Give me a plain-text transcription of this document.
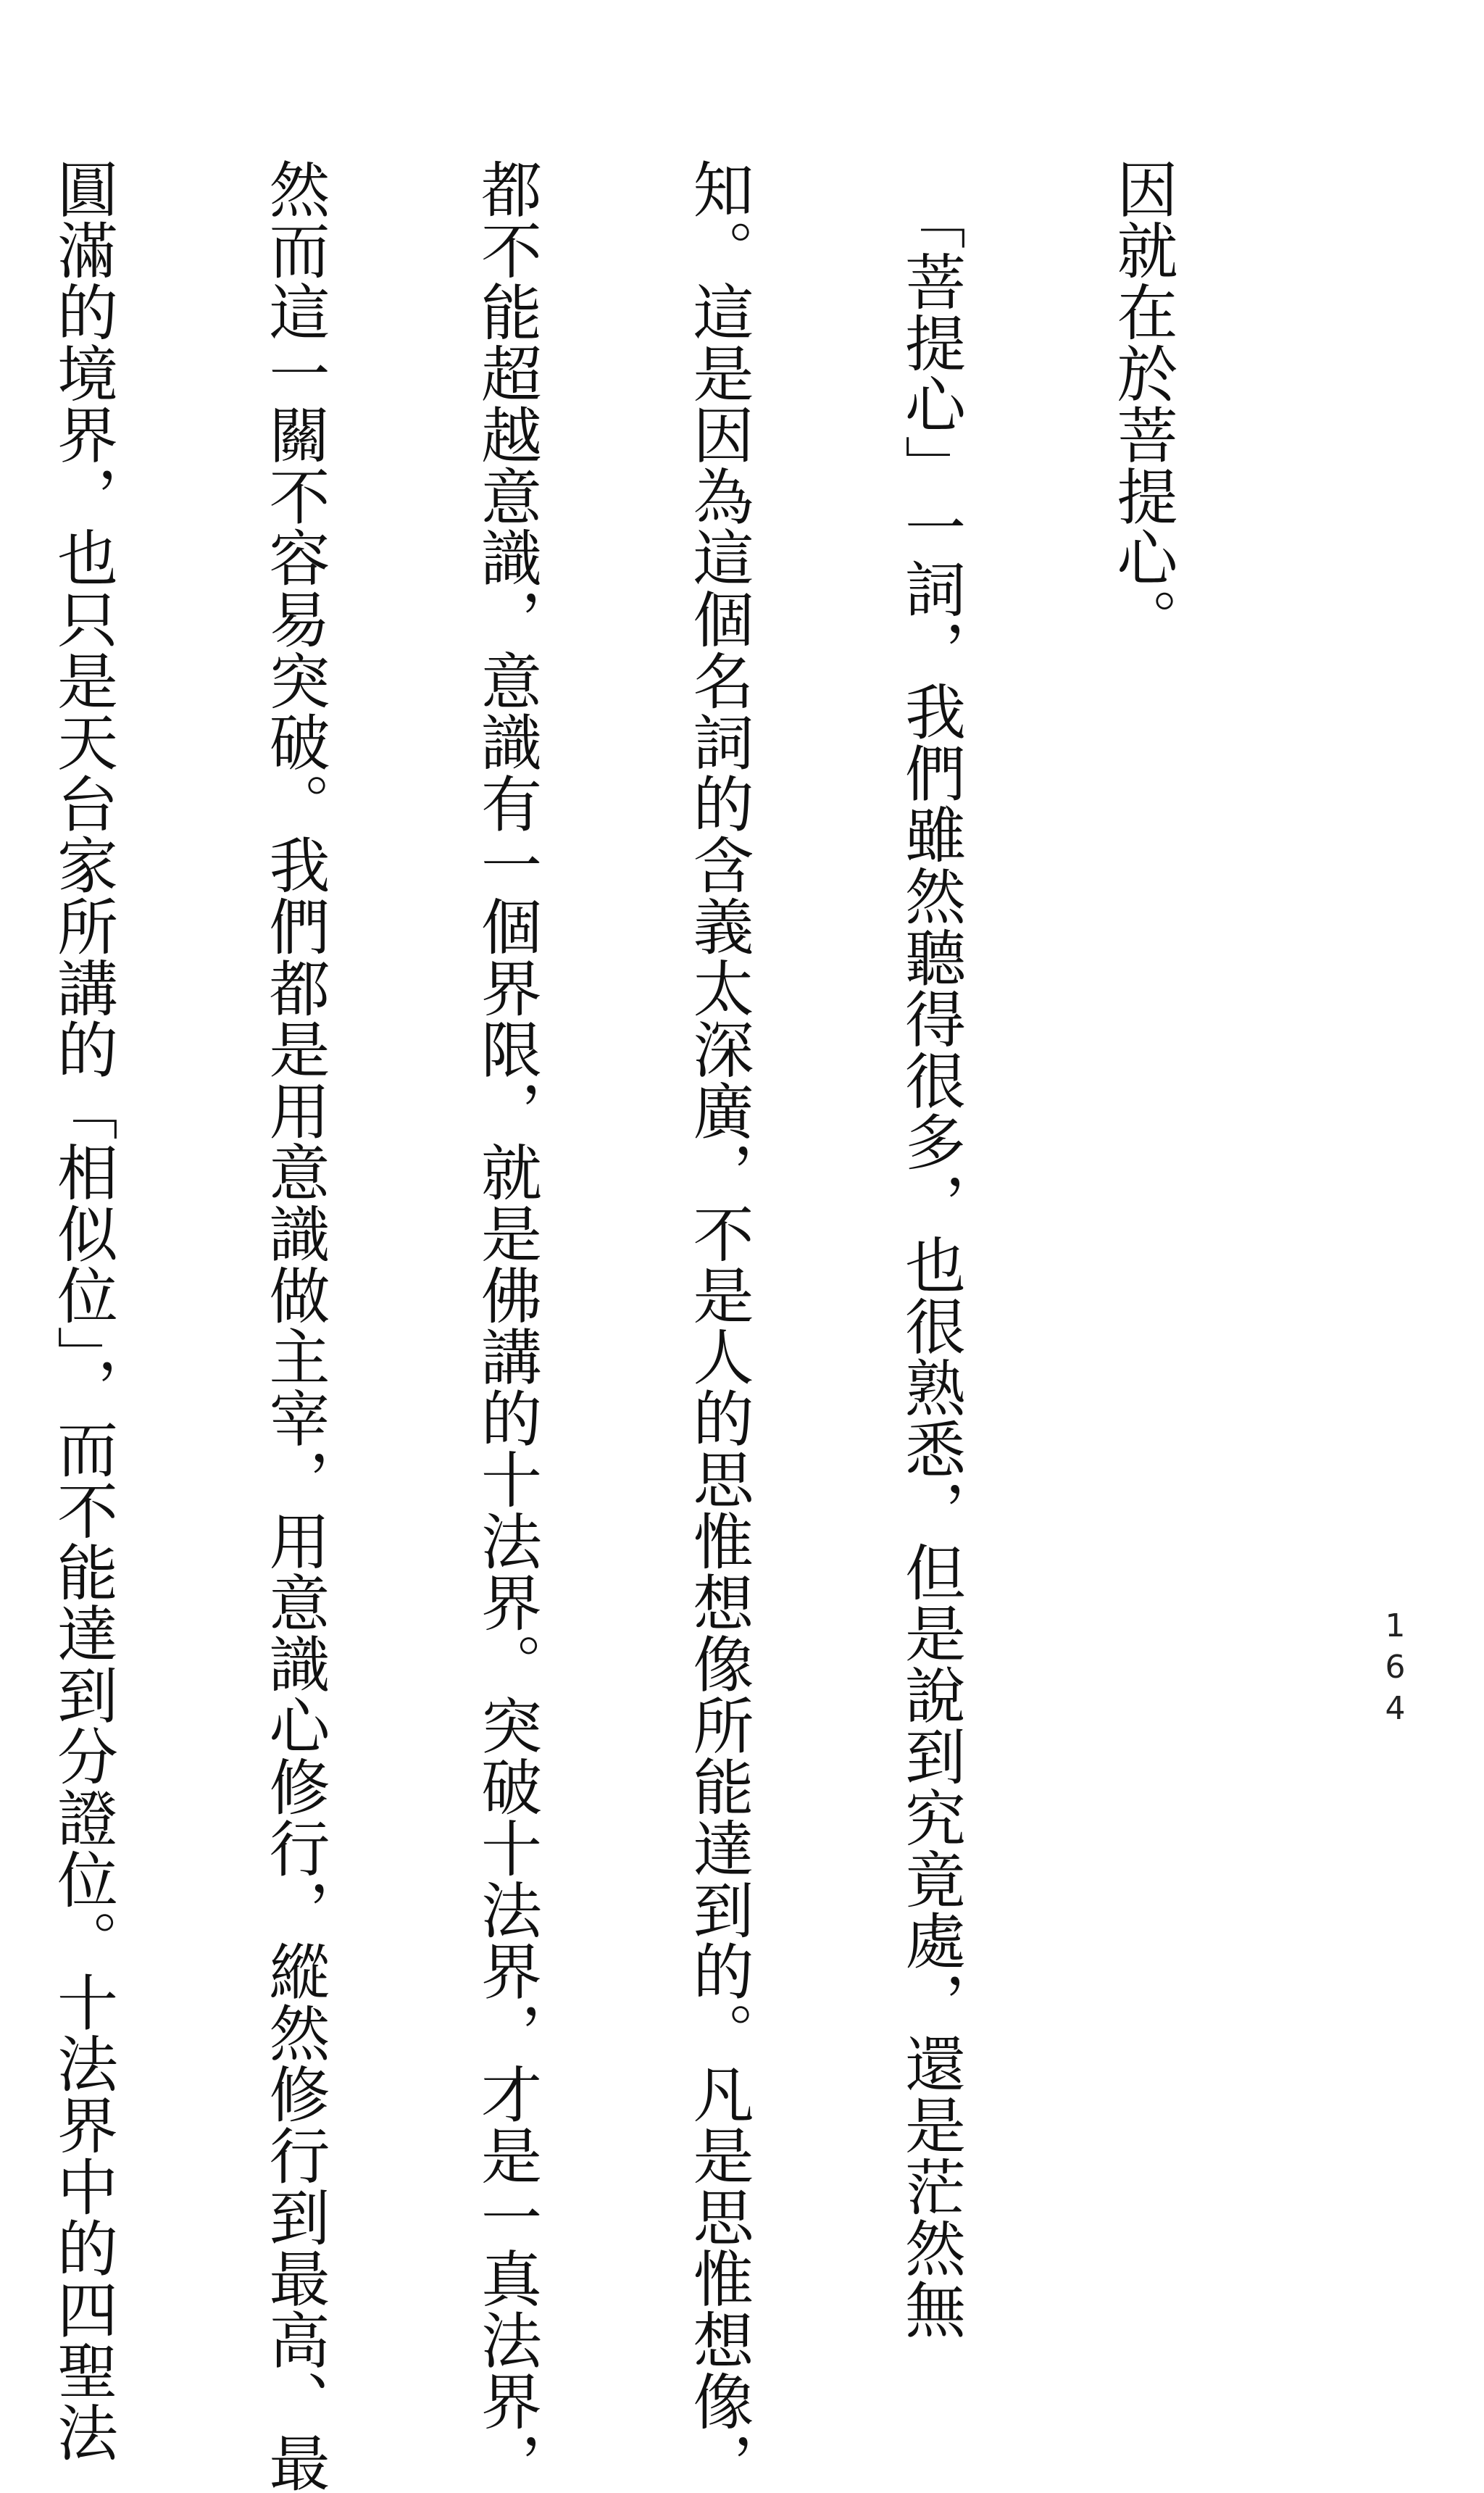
因就在於菩提心。

　「菩提心」一詞，我們雖然聽得很多，也很熟悉，但是說到究竟處，還是茫然無

知。這是因為這個名詞的含義太深廣，不是人的思惟想像所能達到的。凡是思惟想像，

都不能超越意識，意識有一個界限，就是佛講的十法界。突破十法界，才是一真法界，

然而這一關不容易突破。我們都是用意識做主宰，用意識心修行，縱然修行到最高、最

圓滿的境界，也只是天台家所講的「相似位」，而不能達到分證位。十法界中的四聖法

	164
